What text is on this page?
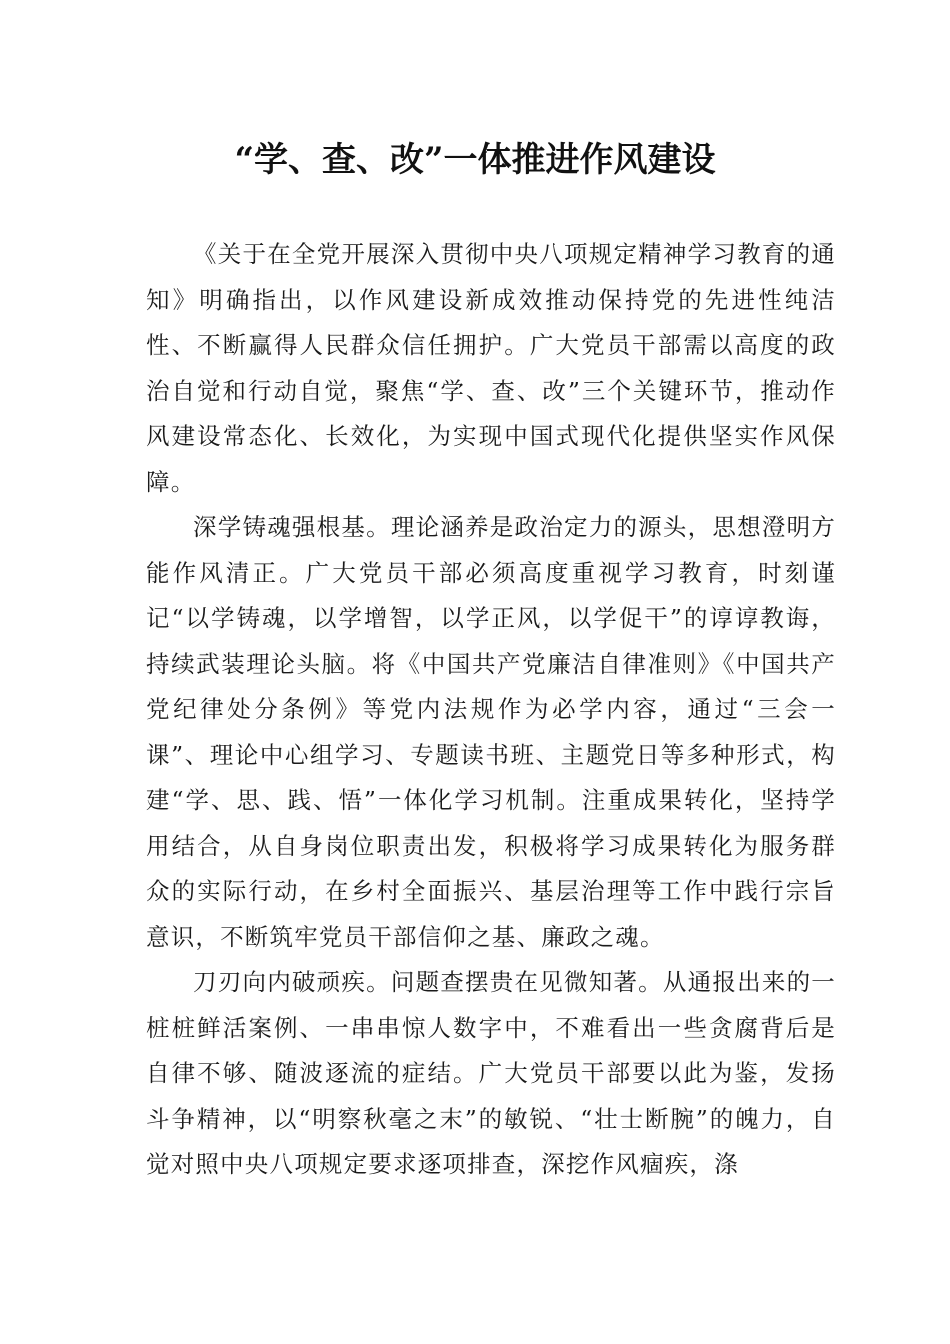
“学、查、改”一体推进作风建设

《关于在全党开展深入贯彻中央八项规定精神学习教育的通知》明确指出，以作风建设新成效推动保持党的先进性纯洁性、不断赢得人民群众信任拥护。广大党员干部需以高度的政治自觉和行动自觉，聚焦“学、查、改”三个关键环节，推动作风建设常态化、长效化，为实现中国式现代化提供坚实作风保障。

深学铸魂强根基。理论涵养是政治定力的源头，思想澄明方能作风清正。广大党员干部必须高度重视学习教育，时刻谨记“以学铸魂，以学增智，以学正风，以学促干”的谆谆教诲，持续武装理论头脑。将《中国共产党廉洁自律准则》《中国共产党纪律处分条例》等党内法规作为必学内容，通过“三会一课”、理论中心组学习、专题读书班、主题党日等多种形式，构建“学、思、践、悟”一体化学习机制。注重成果转化，坚持学用结合，从自身岗位职责出发，积极将学习成果转化为服务群众的实际行动，在乡村全面振兴、基层治理等工作中践行宗旨意识，不断筑牢党员干部信仰之基、廉政之魂。

刀刃向内破顽疾。问题查摆贵在见微知著。从通报出来的一桩桩鲜活案例、一串串惊人数字中，不难看出一些贪腐背后是自律不够、随波逐流的症结。广大党员干部要以此为鉴，发扬斗争精神，以“明察秋毫之末”的敏锐、“壮士断腕”的魄力，自觉对照中央八项规定要求逐项排查，深挖作风痼疾，涤
